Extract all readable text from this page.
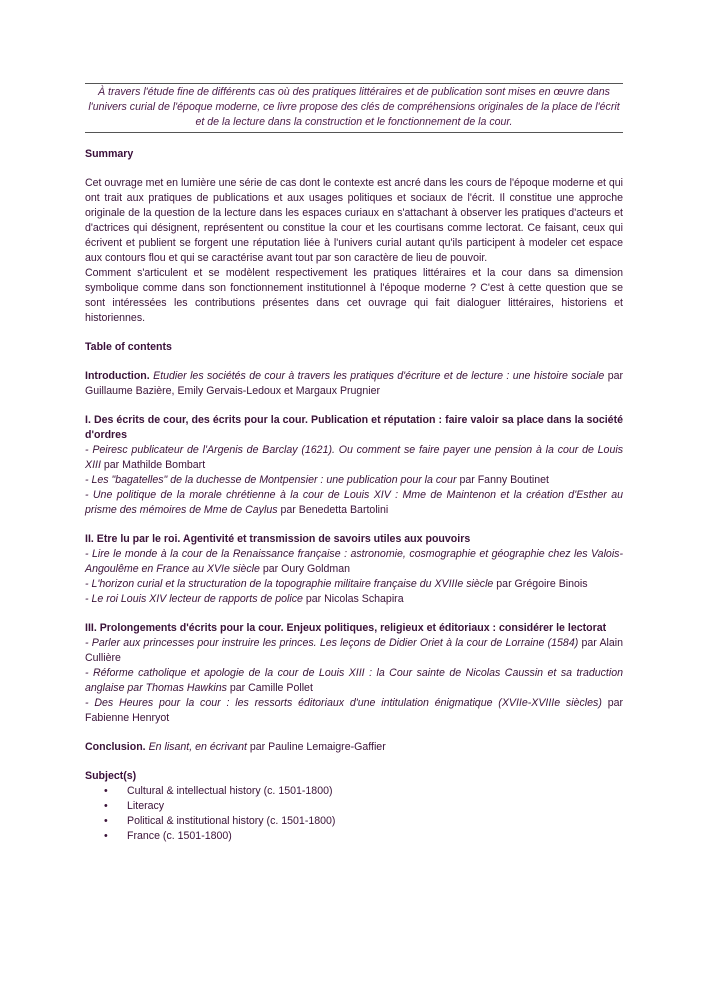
À travers l'étude fine de différents cas où des pratiques littéraires et de publication sont mises en œuvre dans l'univers curial de l'époque moderne, ce livre propose des clés de compréhensions originales de la place de l'écrit et de la lecture dans la construction et le fonctionnement de la cour.
Summary

Cet ouvrage met en lumière une série de cas dont le contexte est ancré dans les cours de l'époque moderne et qui ont trait aux pratiques de publications et aux usages politiques et sociaux de l'écrit. Il constitue une approche originale de la question de la lecture dans les espaces curiaux en s'attachant à observer les pratiques d'acteurs et d'actrices qui désignent, représentent ou constitue la cour et les courtisans comme lectorat. Ce faisant, ceux qui écrivent et publient se forgent une réputation liée à l'univers curial autant qu'ils participent à modeler cet espace aux contours flou et qui se caractérise avant tout par son caractère de lieu de pouvoir.

Comment s'articulent et se modèlent respectivement les pratiques littéraires et la cour dans sa dimension symbolique comme dans son fonctionnement institutionnel à l'époque moderne ? C'est à cette question que se sont intéressées les contributions présentes dans cet ouvrage qui fait dialoguer littéraires, historiens et historiennes.

Table of contents
Introduction. Etudier les sociétés de cour à travers les pratiques d'écriture et de lecture : une histoire sociale par Guillaume Bazière, Emily Gervais-Ledoux et Margaux Prugnier
I. Des écrits de cour, des écrits pour la cour. Publication et réputation : faire valoir sa place dans la société d'ordres
- Peiresc publicateur de l'Argenis de Barclay (1621). Ou comment se faire payer une pension à la cour de Louis XIII par Mathilde Bombart
- Les "bagatelles" de la duchesse de Montpensier : une publication pour la cour par Fanny Boutinet
- Une politique de la morale chrétienne à la cour de Louis XIV : Mme de Maintenon et la création d'Esther au prisme des mémoires de Mme de Caylus par Benedetta Bartolini
II. Etre lu par le roi. Agentivité et transmission de savoirs utiles aux pouvoirs
- Lire le monde à la cour de la Renaissance française : astronomie, cosmographie et géographie chez les Valois-Angoulême en France au XVIe siècle par Oury Goldman
- L'horizon curial et la structuration de la topographie militaire française du XVIIIe siècle par Grégoire Binois
- Le roi Louis XIV lecteur de rapports de police par Nicolas Schapira
III. Prolongements d'écrits pour la cour. Enjeux politiques, religieux et éditoriaux : considérer le lectorat
- Parler aux princesses pour instruire les princes. Les leçons de Didier Oriet à la cour de Lorraine (1584) par Alain Cullière
- Réforme catholique et apologie de la cour de Louis XIII : la Cour sainte de Nicolas Caussin et sa traduction anglaise par Thomas Hawkins par Camille Pollet
- Des Heures pour la cour : les ressorts éditoriaux d'une intitulation énigmatique (XVIIe-XVIIIe siècles) par Fabienne Henryot
Conclusion. En lisant, en écrivant par Pauline Lemaigre-Gaffier
Subject(s)
• Cultural & intellectual history (c. 1501-1800)
• Literacy
• Political & institutional history (c. 1501-1800)
• France (c. 1501-1800)
